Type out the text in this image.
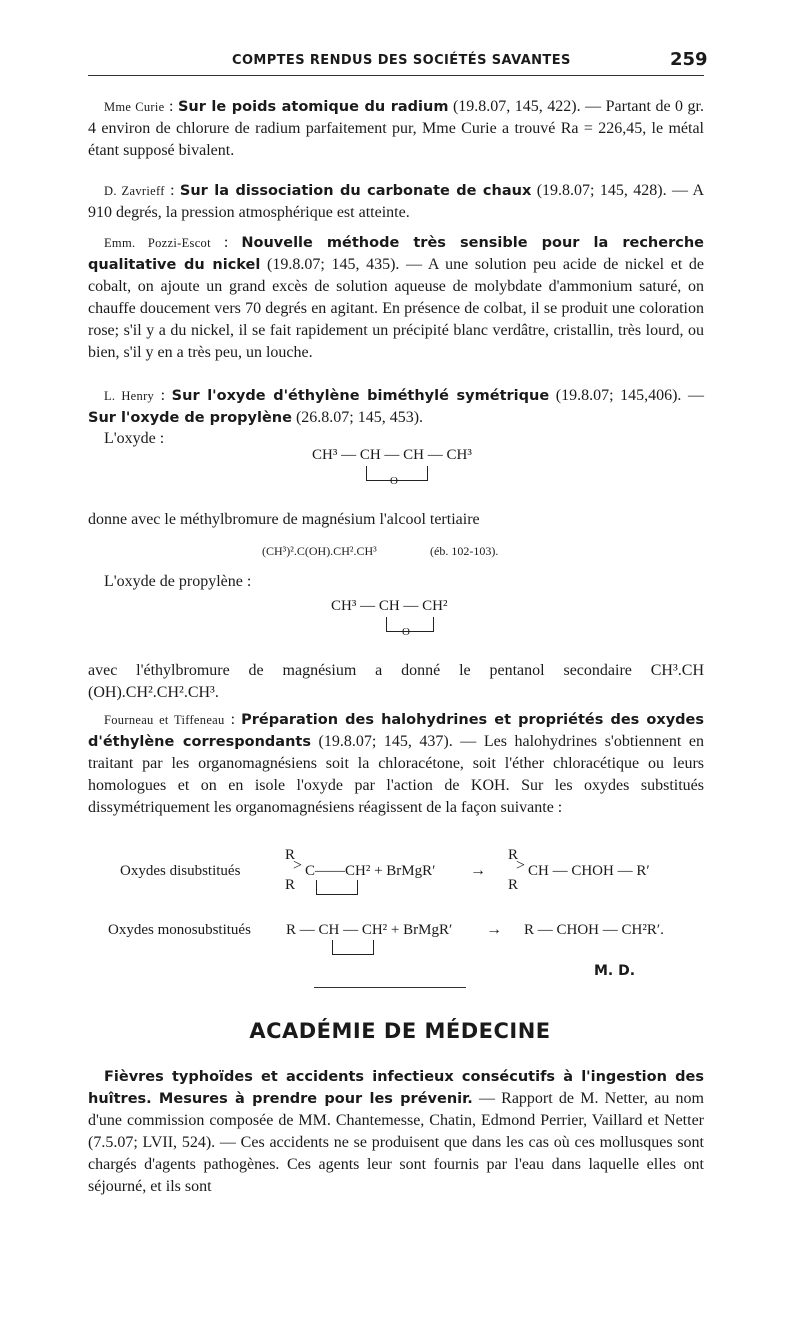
COMPTES RENDUS DES SOCIÉTÉS SAVANTES	259

Mme Curie : Sur le poids atomique du radium (19.8.07, 145, 422). — Partant de 0 gr. 4 environ de chlorure de radium parfaitement pur, Mme Curie a trouvé Ra = 226,45, le métal étant supposé bivalent.

D. Zavrieff : Sur la dissociation du carbonate de chaux (19.8.07; 145, 428). — A 910 degrés, la pression atmosphérique est atteinte.

Emm. Pozzi-Escot : Nouvelle méthode très sensible pour la recherche qualitative du nickel (19.8.07; 145, 435). — A une solution peu acide de nickel et de cobalt, on ajoute un grand excès de solution aqueuse de molybdate d'ammonium saturé, on chauffe doucement vers 70 degrés en agitant. En présence de colbat, il se produit une coloration rose; s'il y a du nickel, il se fait rapidement un précipité blanc verdâtre, cristallin, très lourd, ou bien, s'il y en a très peu, un louche.

L. Henry : Sur l'oxyde d'éthylène biméthylé symétrique (19.8.07; 145,406). — Sur l'oxyde de propylène (26.8.07; 145, 453).

L'oxyde :
CH³ — CH — CH — CH³
O

donne avec le méthylbromure de magnésium l'alcool tertiaire

(CH³)².C(OH).CH².CH³	(éb. 102-103).
L'oxyde de propylène :
CH³ — CH — CH²
O

avec l'éthylbromure de magnésium a donné le pentanol secondaire CH³.CH (OH).CH².CH².CH³.

Fourneau et Tiffeneau : Préparation des halohydrines et propriétés des oxydes d'éthylène correspondants (19.8.07; 145, 437). — Les halohydrines s'obtiennent en traitant par les organomagnésiens soit la chloracétone, soit l'éther chloracétique ou leurs homologues et on en isole l'oxyde par l'action de KOH. Sur les oxydes substitués dissymétriquement les organomagnésiens réagissent de la façon suivante :

Oxydes disubstitués
R
R
> C——CH² + BrMgR′ →
R
R
> CH — CHOH — R′
Oxydes monosubstitués R — CH — CH² + BrMgR′ → R — CHOH — CH²R′.
M. D.
ACADÉMIE DE MÉDECINE

Fièvres typhoïdes et accidents infectieux consécutifs à l'ingestion des huîtres. Mesures à prendre pour les prévenir. — Rapport de M. Netter, au nom d'une commission composée de MM. Chantemesse, Chatin, Edmond Perrier, Vaillard et Netter (7.5.07; LVII, 524). — Ces accidents ne se produisent que dans les cas où ces mollusques sont chargés d'agents pathogènes. Ces agents leur sont fournis par l'eau dans laquelle elles ont séjourné, et ils sont
